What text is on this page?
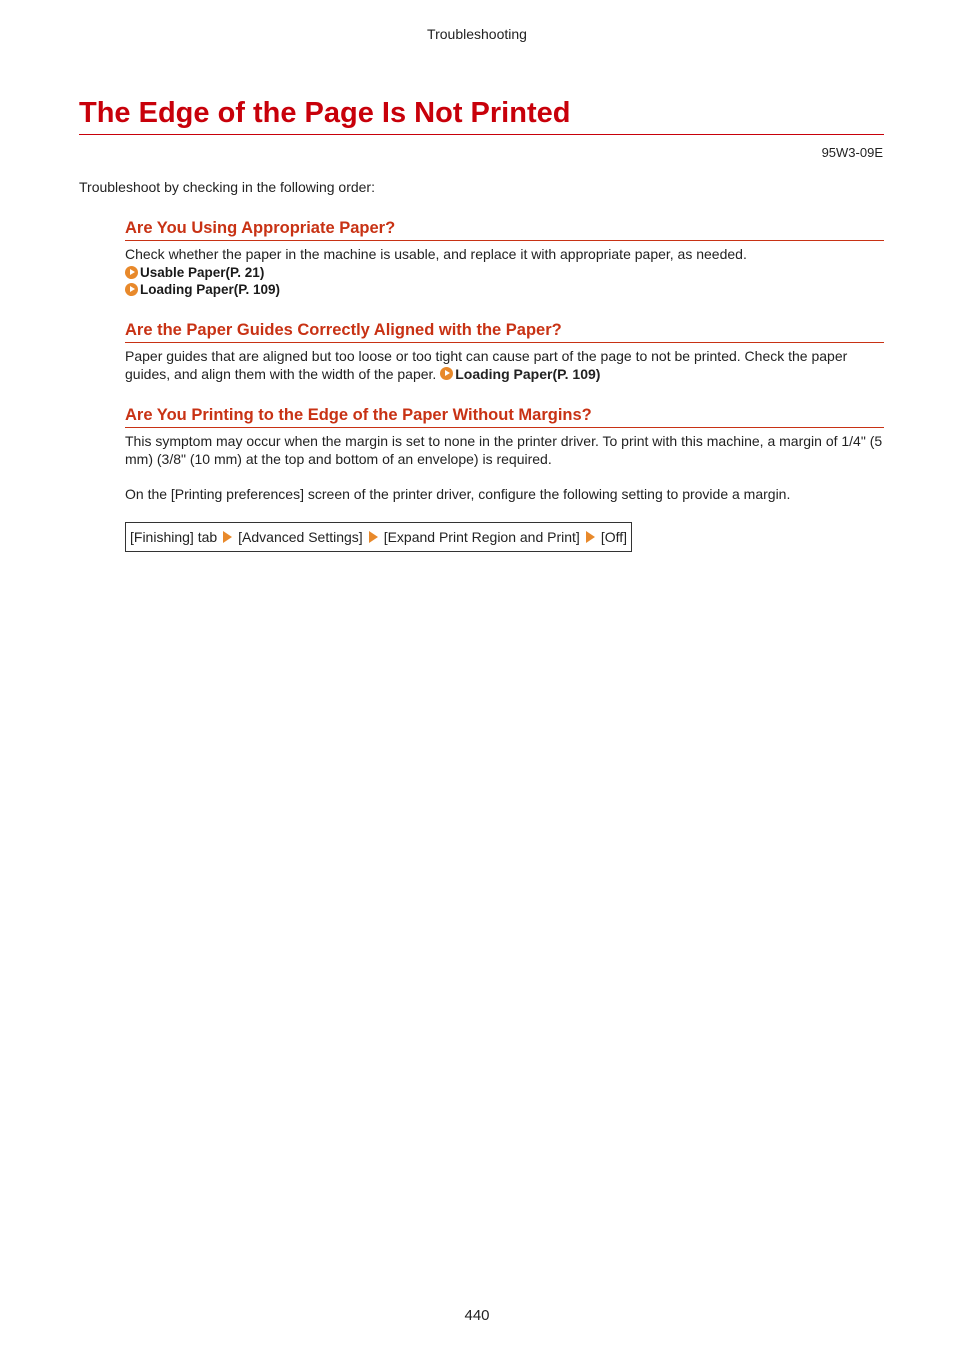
Troubleshooting
The Edge of the Page Is Not Printed
95W3-09E

Troubleshoot by checking in the following order:

Are You Using Appropriate Paper?

Check whether the paper in the machine is usable, and replace it with appropriate paper, as needed.

Usable Paper(P. 21)
Loading Paper(P. 109)
Are the Paper Guides Correctly Aligned with the Paper?

Paper guides that are aligned but too loose or too tight can cause part of the page to not be printed. Check the paper guides, and align them with the width of the paper. Loading Paper(P. 109)

Are You Printing to the Edge of the Paper Without Margins?

This symptom may occur when the margin is set to none in the printer driver. To print with this machine, a margin of 1/4" (5 mm) (3/8" (10 mm) at the top and bottom of an envelope) is required.

On the [Printing preferences] screen of the printer driver, configure the following setting to provide a margin.

[Finishing] tab [Advanced Settings] [Expand Print Region and Print] [Off]
440
